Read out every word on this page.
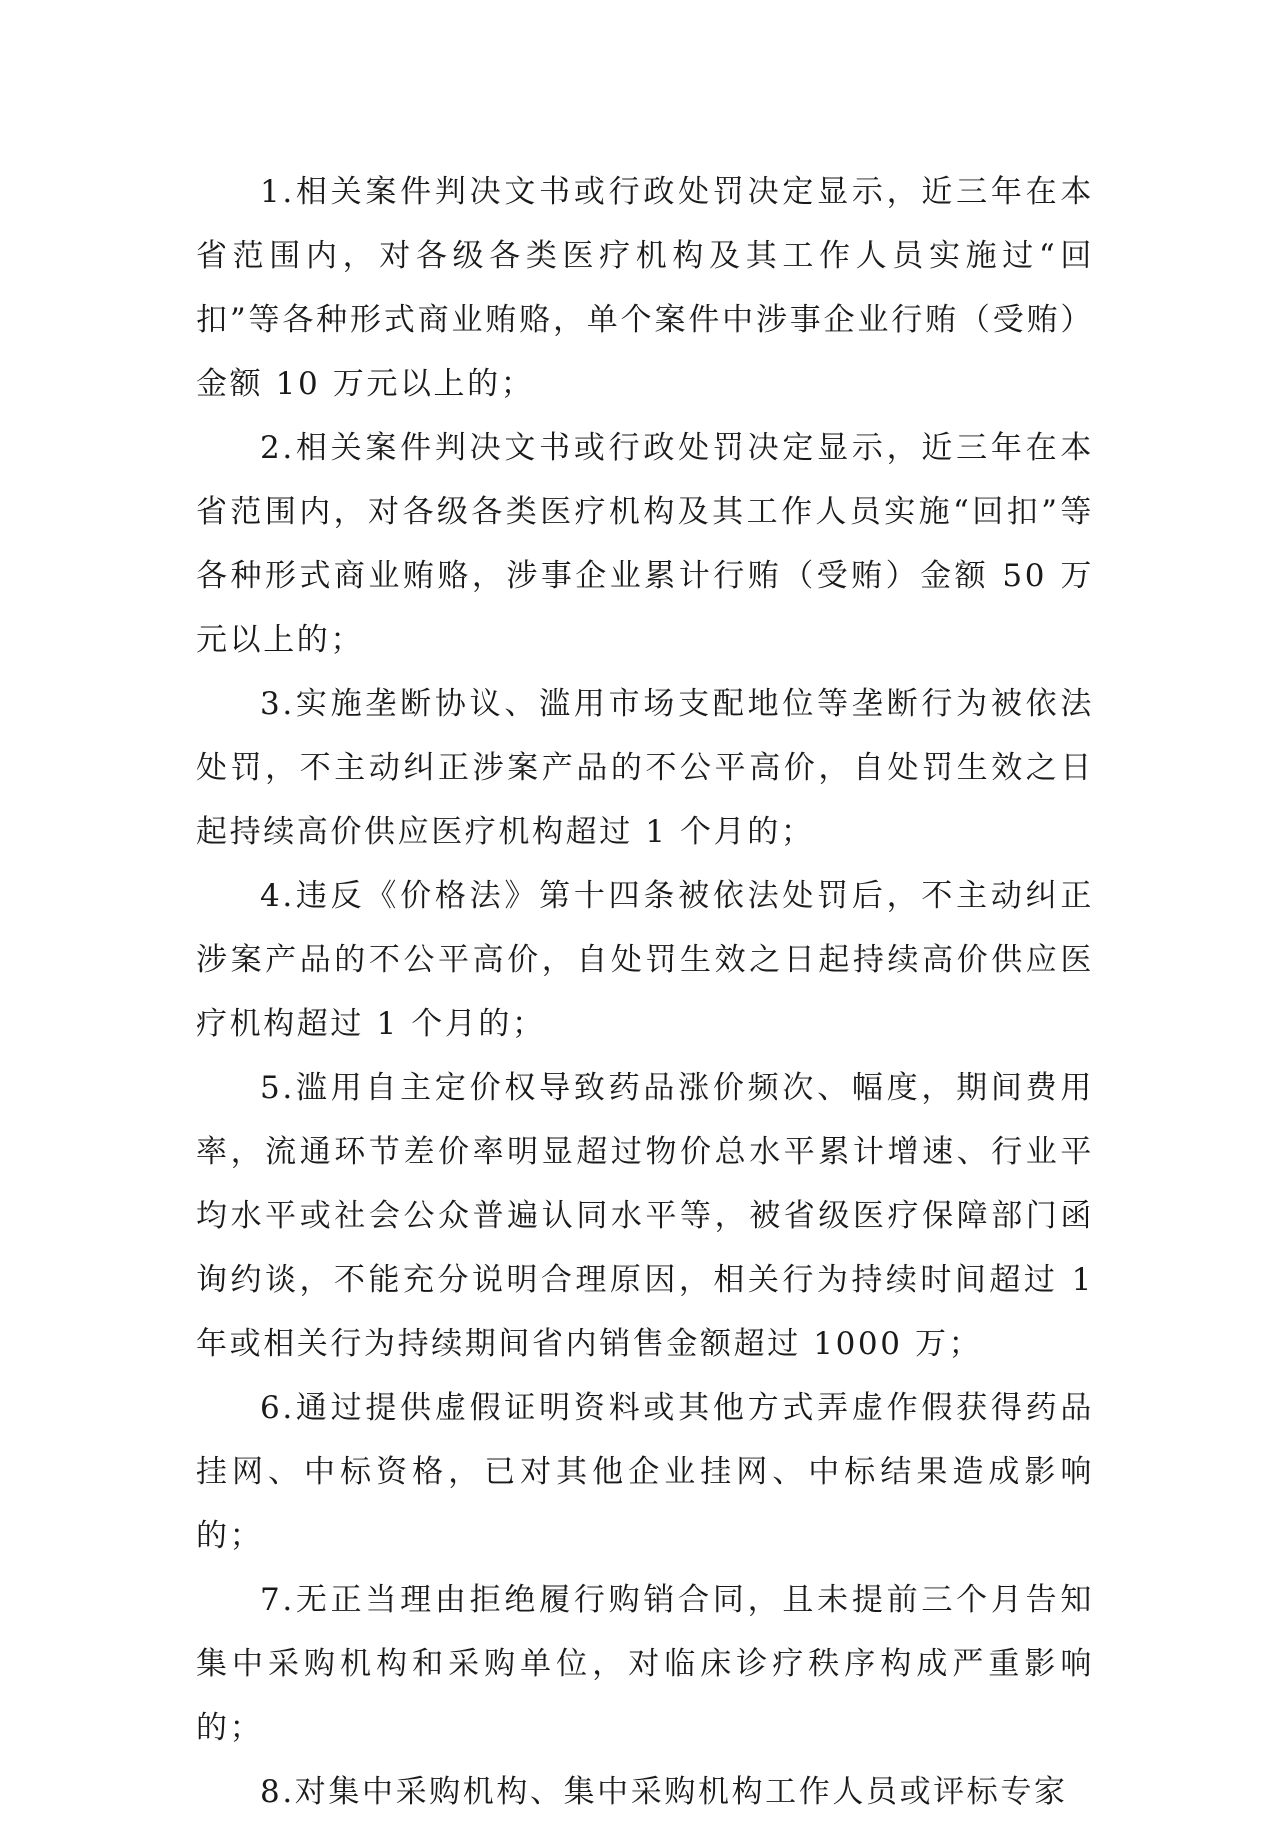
1.相关案件判决文书或行政处罚决定显示，近三年在本省范围内，对各级各类医疗机构及其工作人员实施过“回扣”等各种形式商业贿赂，单个案件中涉事企业行贿（受贿）金额 10 万元以上的；

2.相关案件判决文书或行政处罚决定显示，近三年在本省范围内，对各级各类医疗机构及其工作人员实施“回扣”等各种形式商业贿赂，涉事企业累计行贿（受贿）金额 50 万元以上的；

3.实施垄断协议、滥用市场支配地位等垄断行为被依法处罚，不主动纠正涉案产品的不公平高价，自处罚生效之日起持续高价供应医疗机构超过 1 个月的；

4.违反《价格法》第十四条被依法处罚后，不主动纠正涉案产品的不公平高价，自处罚生效之日起持续高价供应医疗机构超过 1 个月的；

5.滥用自主定价权导致药品涨价频次、幅度，期间费用率，流通环节差价率明显超过物价总水平累计增速、行业平均水平或社会公众普遍认同水平等，被省级医疗保障部门函询约谈，不能充分说明合理原因，相关行为持续时间超过 1 年或相关行为持续期间省内销售金额超过 1000 万；

6.通过提供虚假证明资料或其他方式弄虚作假获得药品挂网、中标资格，已对其他企业挂网、中标结果造成影响的；

7.无正当理由拒绝履行购销合同，且未提前三个月告知集中采购机构和采购单位，对临床诊疗秩序构成严重影响的；

8.对集中采购机构、集中采购机构工作人员或评标专家
